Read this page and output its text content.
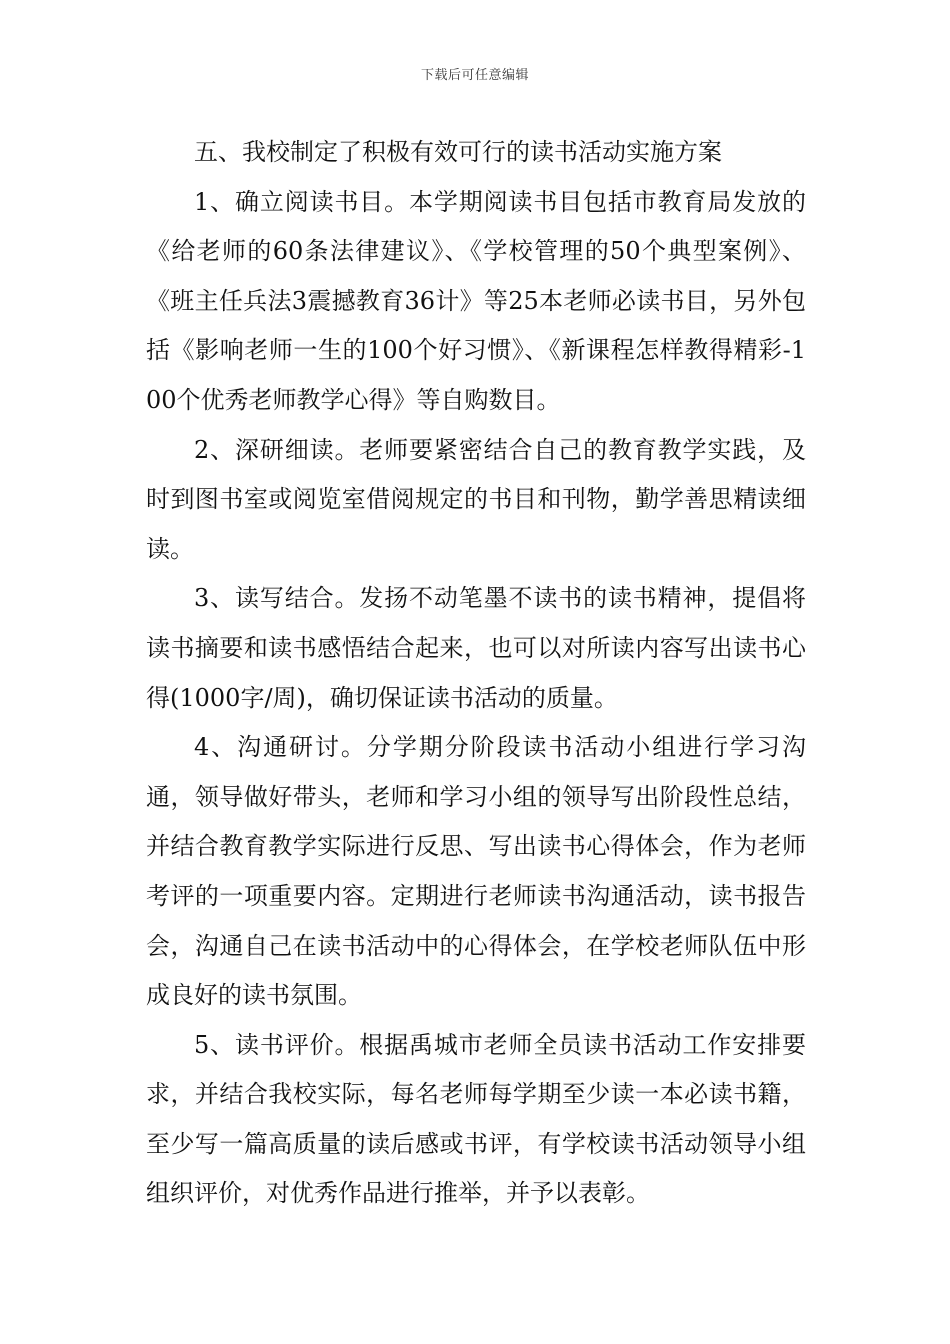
下载后可任意编辑

五、我校制定了积极有效可行的读书活动实施方案

1、确立阅读书目。本学期阅读书目包括市教育局发放的《给老师的60条法律建议》、《学校管理的50个典型案例》、《班主任兵法3震撼教育36计》等25本老师必读书目，另外包括《影响老师一生的100个好习惯》、《新课程怎样教得精彩-100个优秀老师教学心得》等自购数目。

2、深研细读。老师要紧密结合自己的教育教学实践，及时到图书室或阅览室借阅规定的书目和刊物，勤学善思精读细读。

3、读写结合。发扬不动笔墨不读书的读书精神，提倡将读书摘要和读书感悟结合起来，也可以对所读内容写出读书心得(1000字/周)，确切保证读书活动的质量。

4、沟通研讨。分学期分阶段读书活动小组进行学习沟通，领导做好带头，老师和学习小组的领导写出阶段性总结，并结合教育教学实际进行反思、写出读书心得体会，作为老师考评的一项重要内容。定期进行老师读书沟通活动，读书报告会，沟通自己在读书活动中的心得体会，在学校老师队伍中形成良好的读书氛围。

5、读书评价。根据禹城市老师全员读书活动工作安排要求，并结合我校实际，每名老师每学期至少读一本必读书籍，至少写一篇高质量的读后感或书评，有学校读书活动领导小组组织评价，对优秀作品进行推举，并予以表彰。
